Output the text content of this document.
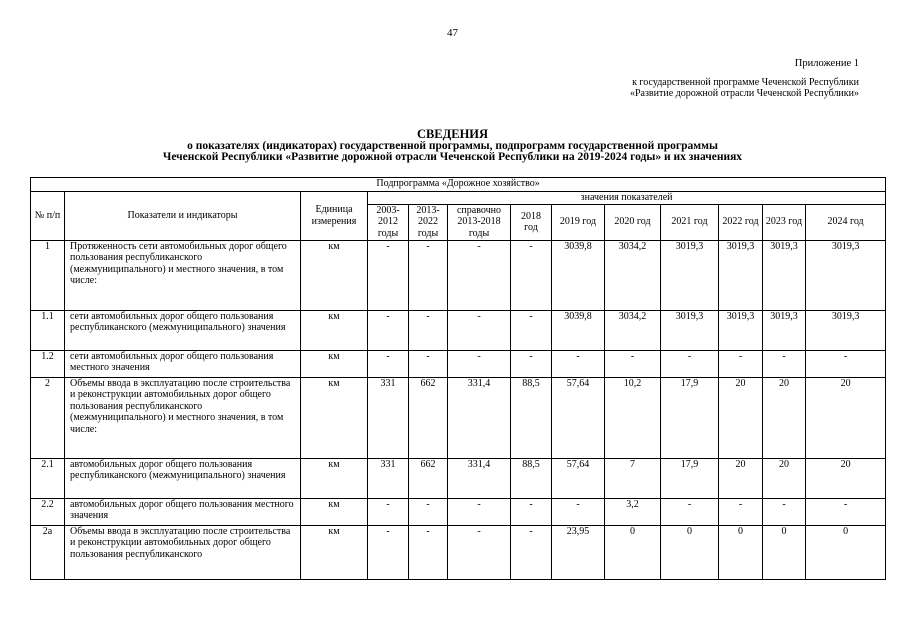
47
Приложение 1
к государственной программе Чеченской Республики
«Развитие дорожной отрасли Чеченской Республики»
СВЕДЕНИЯ
о показателях (индикаторах) государственной программы, подпрограмм государственной программы
Чеченской Республики «Развитие дорожной отрасли Чеченской Республики на 2019-2024 годы» и их значениях
Подпрограмма «Дорожное хозяйство»												
№ п/п	Показатели и индикаторы	Единица измерения	значения показателей									
			2003-2012 годы	2013-2022 годы	справочно 2013-2018 годы	2018 год	2019 год	2020 год	2021 год	2022 год	2023 год	2024 год
1	Протяженность сети автомобильных дорог общего пользования республиканского (межмуниципального) и местного значения, в том числе:	км	-	-	-	-	3039,8	3034,2	3019,3	3019,3	3019,3	3019,3
1.1	сети автомобильных дорог общего пользования республиканского (межмуниципального) значения	км	-	-	-	-	3039,8	3034,2	3019,3	3019,3	3019,3	3019,3
1.2	сети автомобильных дорог общего пользования местного значения	км	-	-	-	-	-	-	-	-	-	-
2	Объемы ввода в эксплуатацию после строительства и реконструкции автомобильных дорог общего пользования республиканского (межмуниципального) и местного значения, в том числе:	км	331	662	331,4	88,5	57,64	10,2	17,9	20	20	20
2.1	автомобильных дорог общего пользования республиканского (межмуниципального) значения	км	331	662	331,4	88,5	57,64	7	17,9	20	20	20
2.2	автомобильных дорог общего пользования местного значения	км	-	-	-	-	-	3,2	-	-	-	-
2а	Объемы ввода в эксплуатацию после строительства и реконструкции автомобильных дорог общего пользования республиканского	км	-	-	-	-	23,95	0	0	0	0	0
